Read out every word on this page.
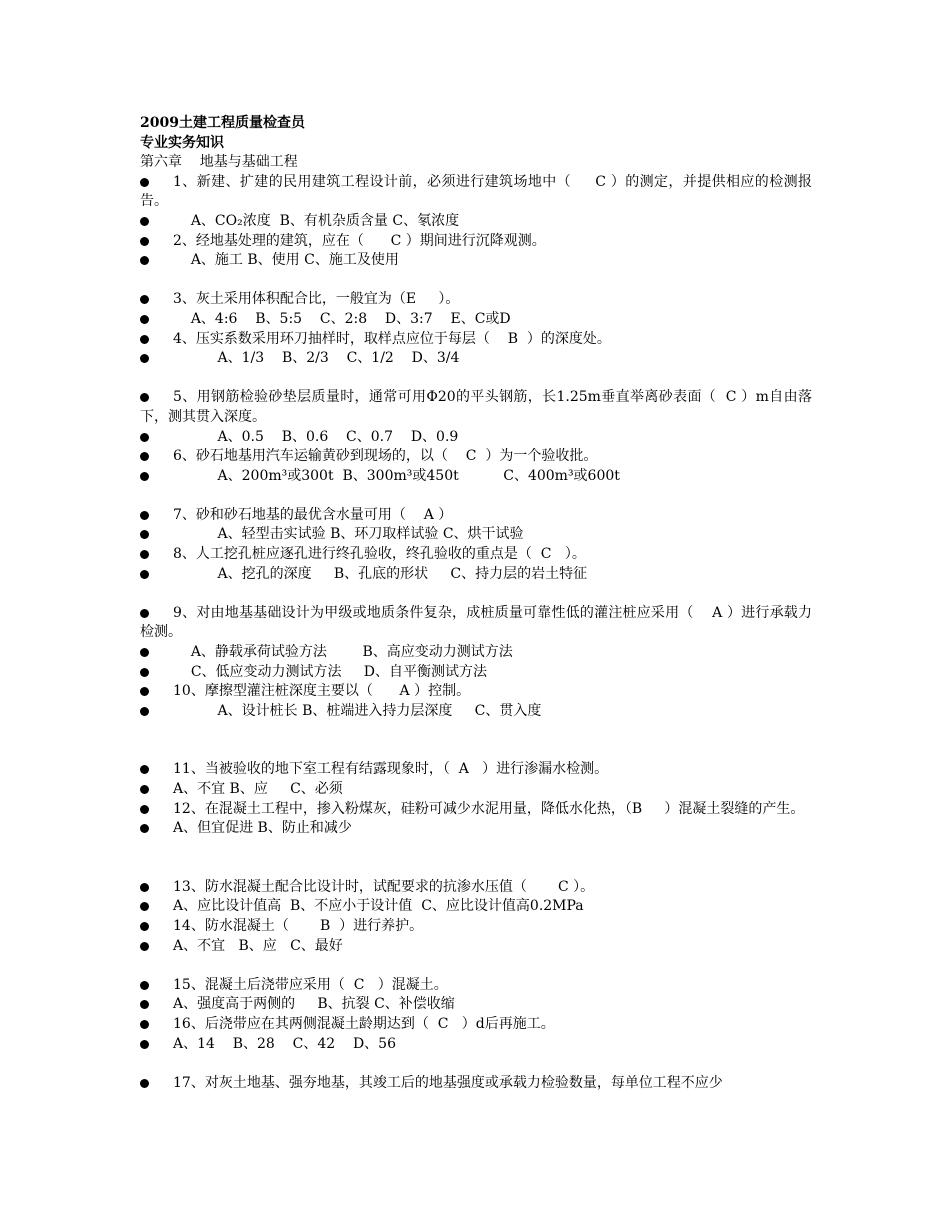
2009土建工程质量检查员
专业实务知识
第六章    地基与基础工程
1、新建、扩建的民用建筑工程设计前，必须进行建筑场地中（     C ）的测定，并提供相应的检测报告。
A、CO₂浓度  B、有机杂质含量 C、氡浓度
2、经地基处理的建筑，应在（      C ）期间进行沉降观测。
A、施工 B、使用 C、施工及使用
3、灰土采用体积配合比，一般宜为（E     ）。
A、4:6    B、5:5    C、2:8    D、3:7    E、C或D
4、压实系数采用环刀抽样时，取样点应位于每层（    B  ）的深度处。
A、1/3    B、2/3    C、1/2    D、3/4
5、用钢筋检验砂垫层质量时，通常可用Φ20的平头钢筋，长1.25m垂直举离砂表面（  C ）m自由落下，测其贯入深度。
A、0.5    B、0.6    C、0.7    D、0.9
6、砂石地基用汽车运输黄砂到现场的，以（    C  ）为一个验收批。
A、200m³或300t  B、300m³或450t          C、400m³或600t
7、砂和砂石地基的最优含水量可用（    A ）
A、轻型击实试验 B、环刀取样试验 C、烘干试验
8、人工挖孔桩应逐孔进行终孔验收，终孔验收的重点是（  C   ）。
A、挖孔的深度     B、孔底的形状     C、持力层的岩土特征
9、对由地基基础设计为甲级或地质条件复杂，成桩质量可靠性低的灌注桩应采用（    A ）进行承载力检测。
A、静载承荷试验方法        B、高应变动力测试方法
C、低应变动力测试方法     D、自平衡测试方法
10、摩擦型灌注桩深度主要以（      A ）控制。
A、设计桩长 B、桩端进入持力层深度     C、贯入度
11、当被验收的地下室工程有结露现象时，（  A   ）进行渗漏水检测。
A、不宜 B、应     C、必须
12、在混凝土工程中，掺入粉煤灰，硅粉可减少水泥用量，降低水化热，（B     ）混凝土裂缝的产生。
A、但宜促进 B、防止和减少
13、防水混凝土配合比设计时，试配要求的抗渗水压值（       C ）。
A、应比设计值高  B、不应小于设计值  C、应比设计值高0.2MPa
14、防水混凝土（       B  ）进行养护。
A、不宜   B、应   C、最好
15、混凝土后浇带应采用（  C   ）混凝土。
A、强度高于两侧的     B、抗裂 C、补偿收缩
16、后浇带应在其两侧混凝土龄期达到（  C   ）d后再施工。
A、14    B、28    C、42    D、56
17、对灰土地基、强夯地基，其竣工后的地基强度或承载力检验数量，每单位工程不应少
